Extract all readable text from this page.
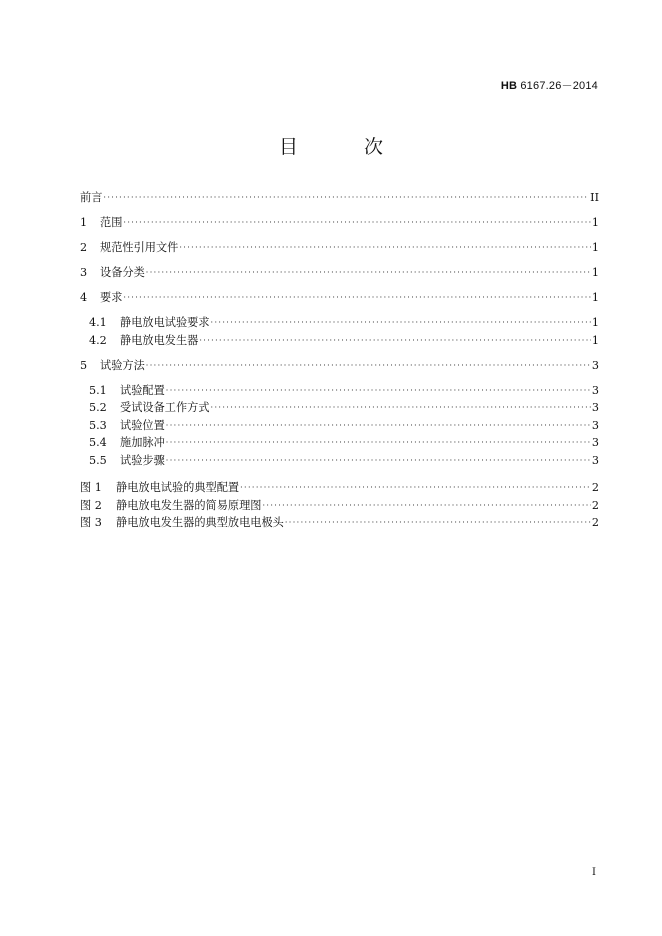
HB 6167.26－2014
目 次
前言 ·····	II
1	范围 ·····	1
2	规范性引用文件 ·····	1
3	设备分类 ·····	1
4	要求 ·····	1
4.1	静电放电试验要求 ·····	1
4.2	静电放电发生器 ·····	1
5	试验方法 ·····	3
5.1	试验配置 ·····	3
5.2	受试设备工作方式 ·····	3
5.3	试验位置 ·····	3
5.4	施加脉冲 ·····	3
5.5	试验步骤 ·····	3
图 1	静电放电试验的典型配置 ·····	2
图 2	静电放电发生器的简易原理图 ·····	2
图 3	静电放电发生器的典型放电电极头 ·····	2
I
